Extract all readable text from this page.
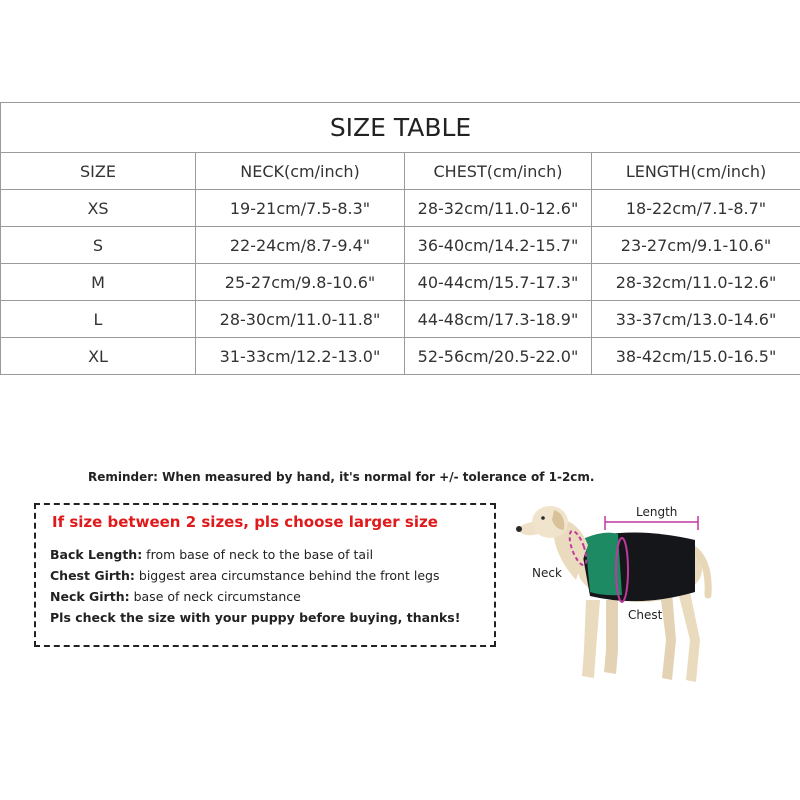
SIZE TABLE			
SIZE	NECK(cm/inch)	CHEST(cm/inch)	LENGTH(cm/inch)
XS	19-21cm/7.5-8.3"	28-32cm/11.0-12.6"	18-22cm/7.1-8.7"
S	22-24cm/8.7-9.4"	36-40cm/14.2-15.7"	23-27cm/9.1-10.6"
M	25-27cm/9.8-10.6"	40-44cm/15.7-17.3"	28-32cm/11.0-12.6"
L	28-30cm/11.0-11.8"	44-48cm/17.3-18.9"	33-37cm/13.0-14.6"
XL	31-33cm/12.2-13.0"	52-56cm/20.5-22.0"	38-42cm/15.0-16.5"
Reminder: When measured by hand, it's normal for +/- tolerance of 1-2cm.
If size between 2 sizes, pls choose larger size
Back Length: from base of neck to the base of tail
Chest Girth: biggest area circumstance behind the front legs
Neck Girth: base of neck circumstance
Pls check the size with your puppy before buying, thanks!
Length
Neck
Chest
